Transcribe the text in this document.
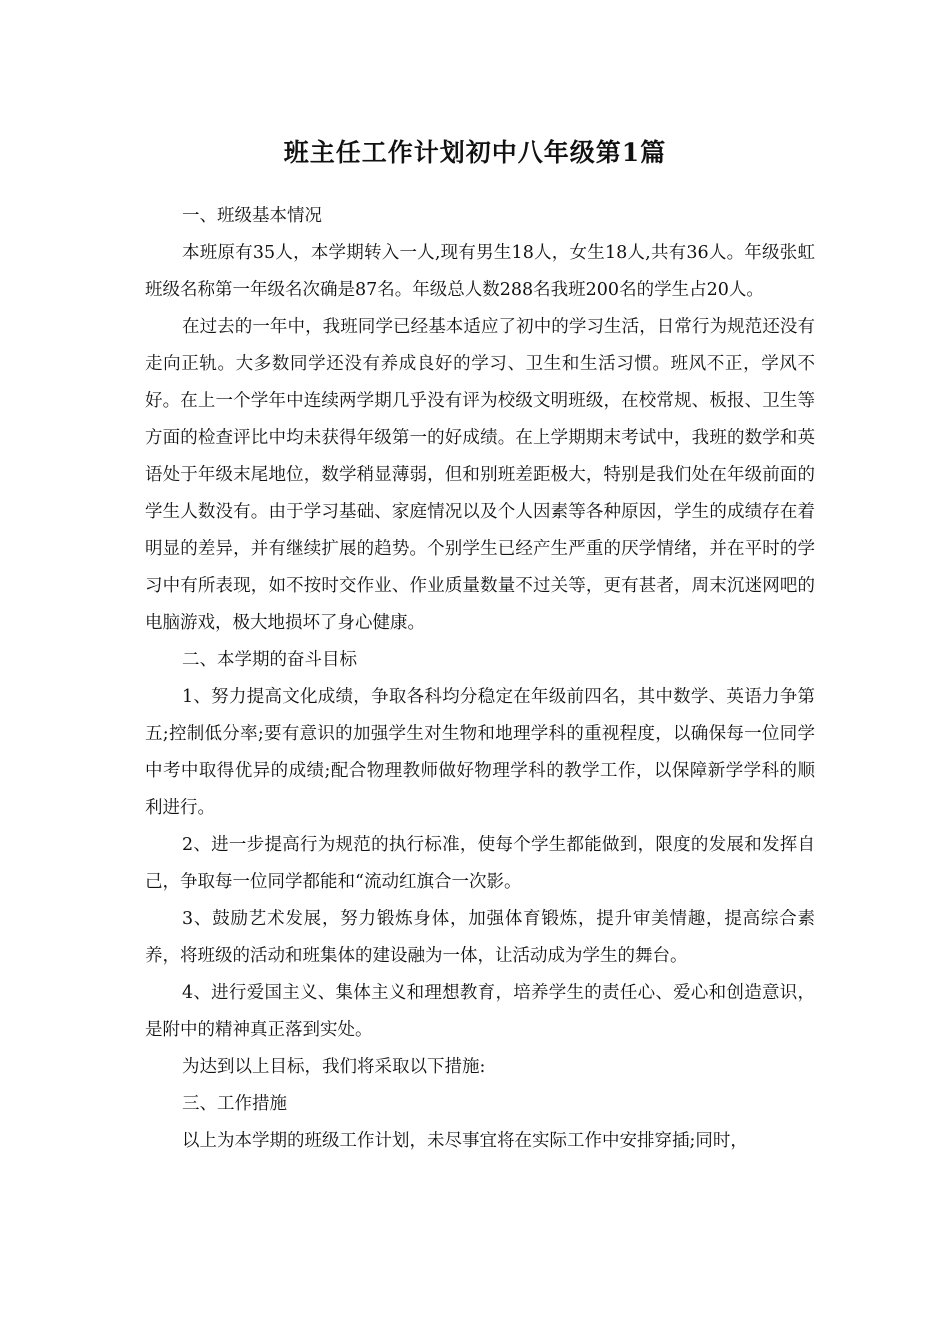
班主任工作计划初中八年级第1篇

一、班级基本情况

本班原有35人，本学期转入一人,现有男生18人，女生18人,共有36人。年级张虹班级名称第一年级名次确是87名。年级总人数288名我班200名的学生占20人。

在过去的一年中，我班同学已经基本适应了初中的学习生活，日常行为规范还没有走向正轨。大多数同学还没有养成良好的学习、卫生和生活习惯。班风不正，学风不好。在上一个学年中连续两学期几乎没有评为校级文明班级，在校常规、板报、卫生等方面的检查评比中均未获得年级第一的好成绩。在上学期期末考试中，我班的数学和英语处于年级末尾地位，数学稍显薄弱，但和别班差距极大，特别是我们处在年级前面的学生人数没有。由于学习基础、家庭情况以及个人因素等各种原因，学生的成绩存在着明显的差异，并有继续扩展的趋势。个别学生已经产生严重的厌学情绪，并在平时的学习中有所表现，如不按时交作业、作业质量数量不过关等，更有甚者，周末沉迷网吧的电脑游戏，极大地损坏了身心健康。

二、本学期的奋斗目标

1、努力提高文化成绩，争取各科均分稳定在年级前四名，其中数学、英语力争第五;控制低分率;要有意识的加强学生对生物和地理学科的重视程度，以确保每一位同学中考中取得优异的成绩;配合物理教师做好物理学科的教学工作，以保障新学学科的顺利进行。

2、进一步提高行为规范的执行标准，使每个学生都能做到，限度的发展和发挥自己，争取每一位同学都能和“流动红旗合一次影。

3、鼓励艺术发展，努力锻炼身体，加强体育锻炼，提升审美情趣，提高综合素养，将班级的活动和班集体的建设融为一体，让活动成为学生的舞台。

4、进行爱国主义、集体主义和理想教育，培养学生的责任心、爱心和创造意识，是附中的精神真正落到实处。

为达到以上目标，我们将采取以下措施:

三、工作措施

以上为本学期的班级工作计划，未尽事宜将在实际工作中安排穿插;同时，
